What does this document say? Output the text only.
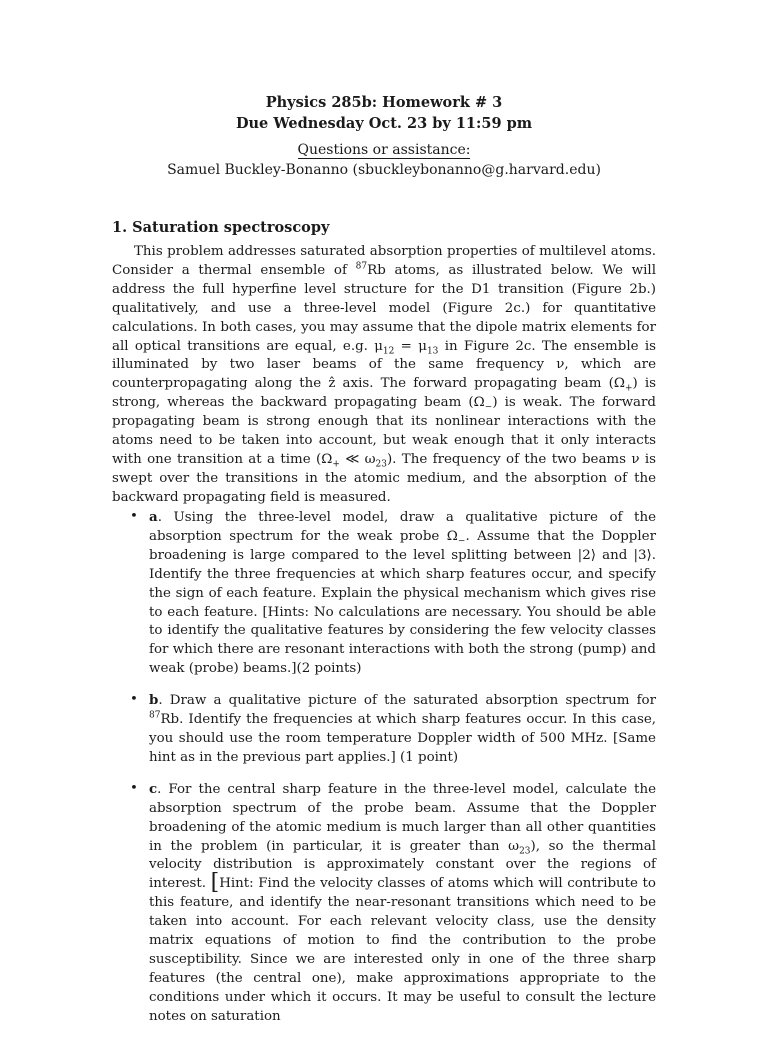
Physics 285b: Homework # 3
Due Wednesday Oct. 23 by 11:59 pm
Questions or assistance:
Samuel Buckley-Bonanno (sbuckleybonanno@g.harvard.edu)
1. Saturation spectroscopy

This problem addresses saturated absorption properties of multilevel atoms. Consider a thermal ensemble of $^{87}$Rb atoms, as illustrated below. We will address the full hyperfine level structure for the D1 transition (Figure 2b.) qualitatively, and use a three-level model (Figure 2c.) for quantitative calculations. In both cases, you may assume that the dipole matrix elements for all optical transitions are equal, e.g. $\mu_{12} = \mu_{13}$ in Figure 2c. The ensemble is illuminated by two laser beams of the same frequency ν, which are counterpropagating along the ẑ axis. The forward propagating beam $(\Omega_+)$ is strong, whereas the backward propagating beam $(\Omega_-)$ is weak. The forward propagating beam is strong enough that its nonlinear interactions with the atoms need to be taken into account, but weak enough that it only interacts with one transition at a time ($\Omega_+$ ≪ $\omega_{23}$). The frequency of the two beams ν is swept over the transitions in the atomic medium, and the absorption of the backward propagating field is measured.

• a. Using the three-level model, draw a qualitative picture of the absorption spectrum for the weak probe $\Omega_-$. Assume that the Doppler broadening is large compared to the level splitting between |2⟩ and |3⟩. Identify the three frequencies at which sharp features occur, and specify the sign of each feature. Explain the physical mechanism which gives rise to each feature. [Hints: No calculations are necessary. You should be able to identify the qualitative features by considering the few velocity classes for which there are resonant interactions with both the strong (pump) and weak (probe) beams.](2 points)
• b. Draw a qualitative picture of the saturated absorption spectrum for $^{87}$Rb. Identify the frequencies at which sharp features occur. In this case, you should use the room temperature Doppler width of 500 MHz. [Same hint as in the previous part applies.] (1 point)
• c. For the central sharp feature in the three-level model, calculate the absorption spectrum of the probe beam. Assume that the Doppler broadening of the atomic medium is much larger than all other quantities in the problem (in particular, it is greater than $\omega_{23}$), so the thermal velocity distribution is approximately constant over the regions of interest. [Hint: Find the velocity classes of atoms which will contribute to this feature, and identify the near-resonant transitions which need to be taken into account. For each relevant velocity class, use the density matrix equations of motion to find the contribution to the probe susceptibility. Since we are interested only in one of the three sharp features (the central one), make approximations appropriate to the conditions under which it occurs. It may be useful to consult the lecture notes on saturation
